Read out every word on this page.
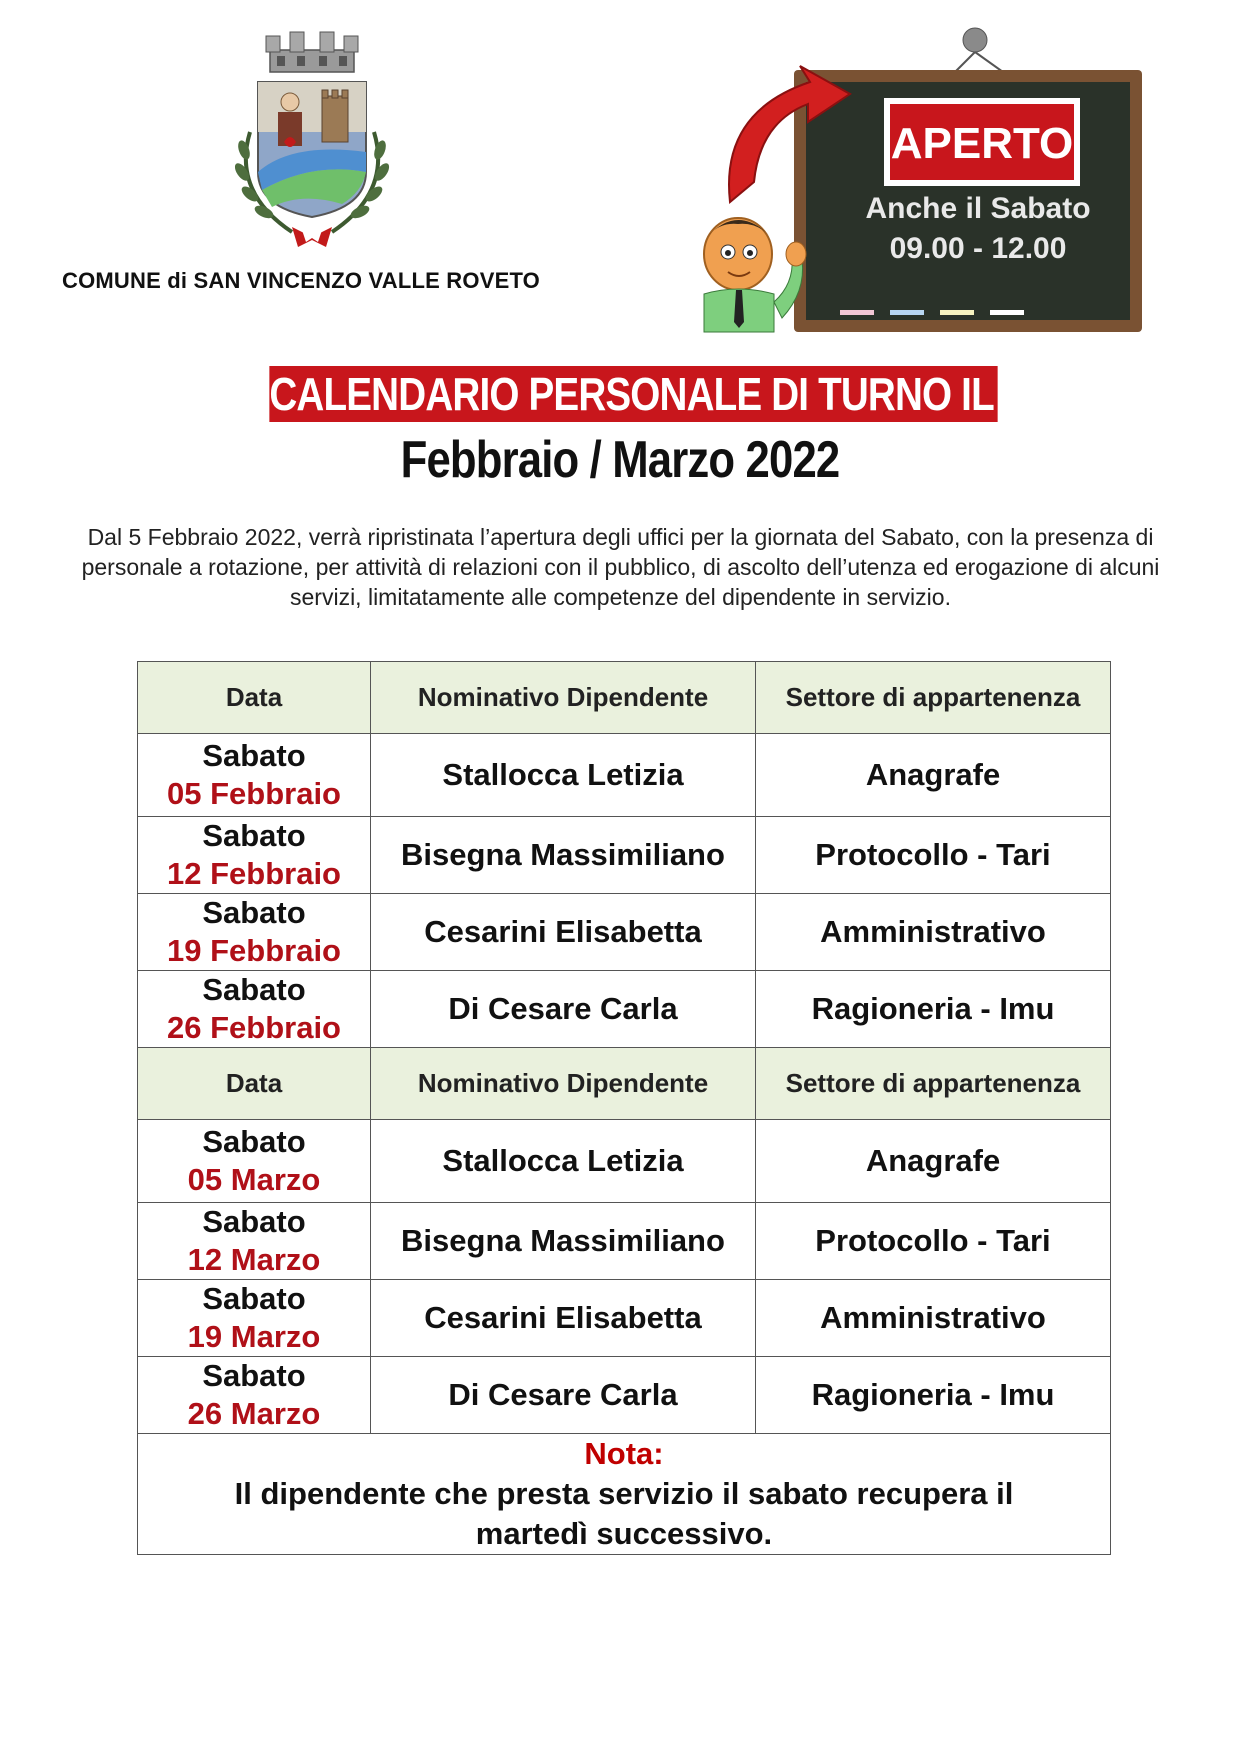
COMUNE di SAN VINCENZO VALLE ROVETO
APERTO
Anche il Sabato
09.00 - 12.00
CALENDARIO PERSONALE DI TURNO IL SABATO
Febbraio / Marzo 2022
Dal 5 Febbraio 2022, verrà ripristinata l’apertura degli uffici per la giornata del Sabato, con la presenza di personale a rotazione, per attività di relazioni con il pubblico, di ascolto dell’utenza ed erogazione di alcuni servizi, limitatamente alle competenze del dipendente in servizio.
Data	Nominativo Dipendente	Settore di appartenenza

Sabato
05 Febbraio	Stallocca Letizia	Anagrafe

Sabato
12 Febbraio	Bisegna Massimiliano	Protocollo - Tari

Sabato
19 Febbraio	Cesarini Elisabetta	Amministrativo

Sabato
26 Febbraio	Di Cesare Carla	Ragioneria - Imu
Data	Nominativo Dipendente	Settore di appartenenza

Sabato
05 Marzo	Stallocca Letizia	Anagrafe

Sabato
12 Marzo	Bisegna Massimiliano	Protocollo - Tari

Sabato
19 Marzo	Cesarini Elisabetta	Amministrativo

Sabato
26 Marzo	Di Cesare Carla	Ragioneria - Imu

Nota:
Il dipendente che presta servizio il sabato recupera il martedì successivo.		
